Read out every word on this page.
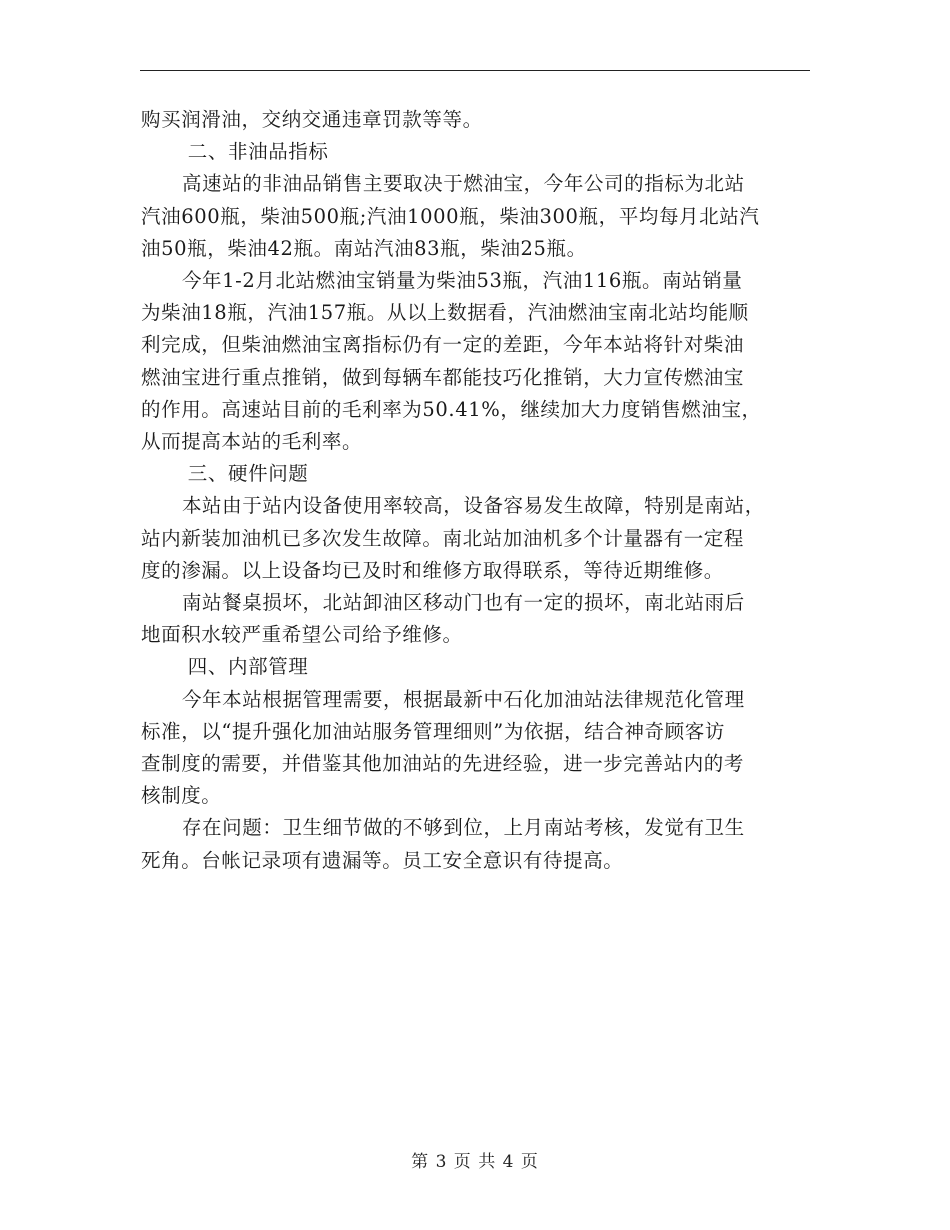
购买润滑油，交纳交通违章罚款等等。

二、非油品指标

高速站的非油品销售主要取决于燃油宝，今年公司的指标为北站
汽油600瓶，柴油500瓶;汽油1000瓶，柴油300瓶，平均每月北站汽
油50瓶，柴油42瓶。南站汽油83瓶，柴油25瓶。

今年1-2月北站燃油宝销量为柴油53瓶，汽油116瓶。南站销量
为柴油18瓶，汽油157瓶。从以上数据看，汽油燃油宝南北站均能顺
利完成，但柴油燃油宝离指标仍有一定的差距，今年本站将针对柴油
燃油宝进行重点推销，做到每辆车都能技巧化推销，大力宣传燃油宝
的作用。高速站目前的毛利率为50.41%，继续加大力度销售燃油宝，
从而提高本站的毛利率。

三、硬件问题

本站由于站内设备使用率较高，设备容易发生故障，特别是南站，
站内新装加油机已多次发生故障。南北站加油机多个计量器有一定程
度的渗漏。以上设备均已及时和维修方取得联系，等待近期维修。

南站餐桌损坏，北站卸油区移动门也有一定的损坏，南北站雨后
地面积水较严重希望公司给予维修。

四、内部管理

今年本站根据管理需要，根据最新中石化加油站法律规范化管理
标准，以“提升强化加油站服务管理细则”为依据，结合神奇顾客访
查制度的需要，并借鉴其他加油站的先进经验，进一步完善站内的考
核制度。

存在问题：卫生细节做的不够到位，上月南站考核，发觉有卫生
死角。台帐记录项有遗漏等。员工安全意识有待提高。

第 3 页 共 4 页
